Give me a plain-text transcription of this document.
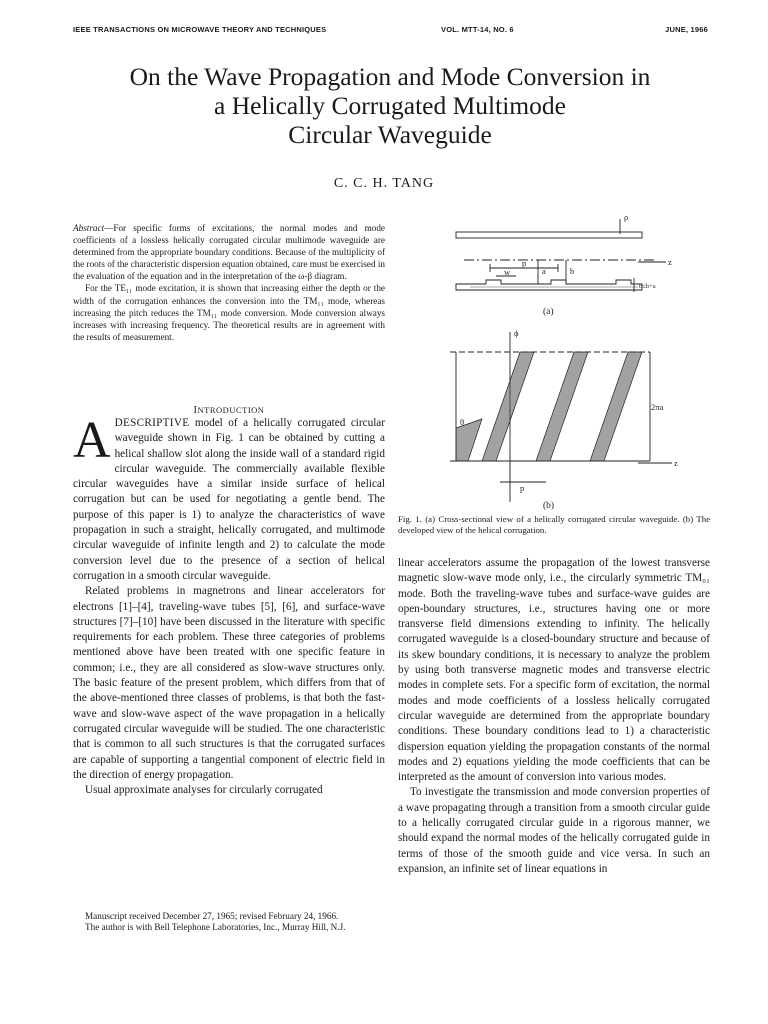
IEEE TRANSACTIONS ON MICROWAVE THEORY AND TECHNIQUES	VOL. MTT-14, NO. 6	JUNE, 1966
On the Wave Propagation and Mode Conversion in
a Helically Corrugated Multimode
Circular Waveguide
C. C. H. TANG

Abstract—For specific forms of excitations, the normal modes and mode coefficients of a lossless helically corrugated circular multimode waveguide are determined from the appropriate boundary conditions. Because of the multiplicity of the roots of the characteristic dispersion equation obtained, care must be exercised in the evaluation of the equation and in the interpretation of the ω-β diagram.

For the TE₁₁ mode excitation, it is shown that increasing either the depth or the width of the corrugation enhances the conversion into the TM₁₁ mode, whereas increasing the pitch reduces the TM₁₁ mode conversion. Mode conversion always increases with increasing frequency. The theoretical results are in agreement with the results of measurement.

INTRODUCTION

ADESCRIPTIVE model of a helically corrugated circular waveguide shown in Fig. 1 can be obtained by cutting a helical shallow slot along the inside wall of a standard rigid circular waveguide. The commercially available flexible circular waveguides have a similar inside surface of helical corrugation but can be used for negotiating a gentle bend. The purpose of this paper is 1) to analyze the characteristics of wave propagation in such a straight, helically corrugated, and multimode circular waveguide of infinite length and 2) to calculate the mode conversion level due to the presence of a section of helical corrugation in a smooth circular waveguide.

Related problems in magnetrons and linear accelerators for electrons [1]–[4], traveling-wave tubes [5], [6], and surface-wave structures [7]–[10] have been discussed in the literature with specific requirements for each problem. These three categories of problems mentioned above have been treated with one specific feature in common; i.e., they are all considered as slow-wave structures only. The basic feature of the present problem, which differs from that of the above-mentioned three classes of problems, is that both the fast-wave and slow-wave aspect of the wave propagation in a helically corrugated circular waveguide will be studied. The one characteristic that is common to all such structures is that the corrugated surfaces are capable of supporting a tangential component of electric field in the direction of energy propagation.

Usual approximate analyses for circularly corrugated

Manuscript received December 27, 1965; revised February 24, 1966.

The author is with Bell Telephone Laboratories, Inc., Murray Hill, N.J.

ρ
z
p
w	a	b
b≤b+a
(a)
ϕ
2πa
z
θ
p
(b)
Fig. 1. (a) Cross-sectional view of a helically corrugated circular waveguide. (b) The developed view of the helical corrugation.

linear accelerators assume the propagation of the lowest transverse magnetic slow-wave mode only, i.e., the circularly symmetric TM₀₁ mode. Both the traveling-wave tubes and surface-wave guides are open-boundary structures, i.e., structures having one or more transverse field dimensions extending to infinity. The helically corrugated waveguide is a closed-boundary structure and because of its skew boundary conditions, it is necessary to analyze the problem by using both transverse magnetic modes and transverse electric modes in complete sets. For a specific form of excitation, the normal modes and mode coefficients of a lossless helically corrugated circular waveguide are determined from the appropriate boundary conditions. These boundary conditions lead to 1) a characteristic dispersion equation yielding the propagation constants of the normal modes and 2) equations yielding the mode coefficients that can be interpreted as the amount of conversion into various modes.

To investigate the transmission and mode conversion properties of a wave propagating through a transition from a smooth circular guide to a helically corrugated circular guide in a rigorous manner, we should expand the normal modes of the helically corrugated guide in terms of those of the smooth guide and vice versa. In such an expansion, an infinite set of linear equations in
